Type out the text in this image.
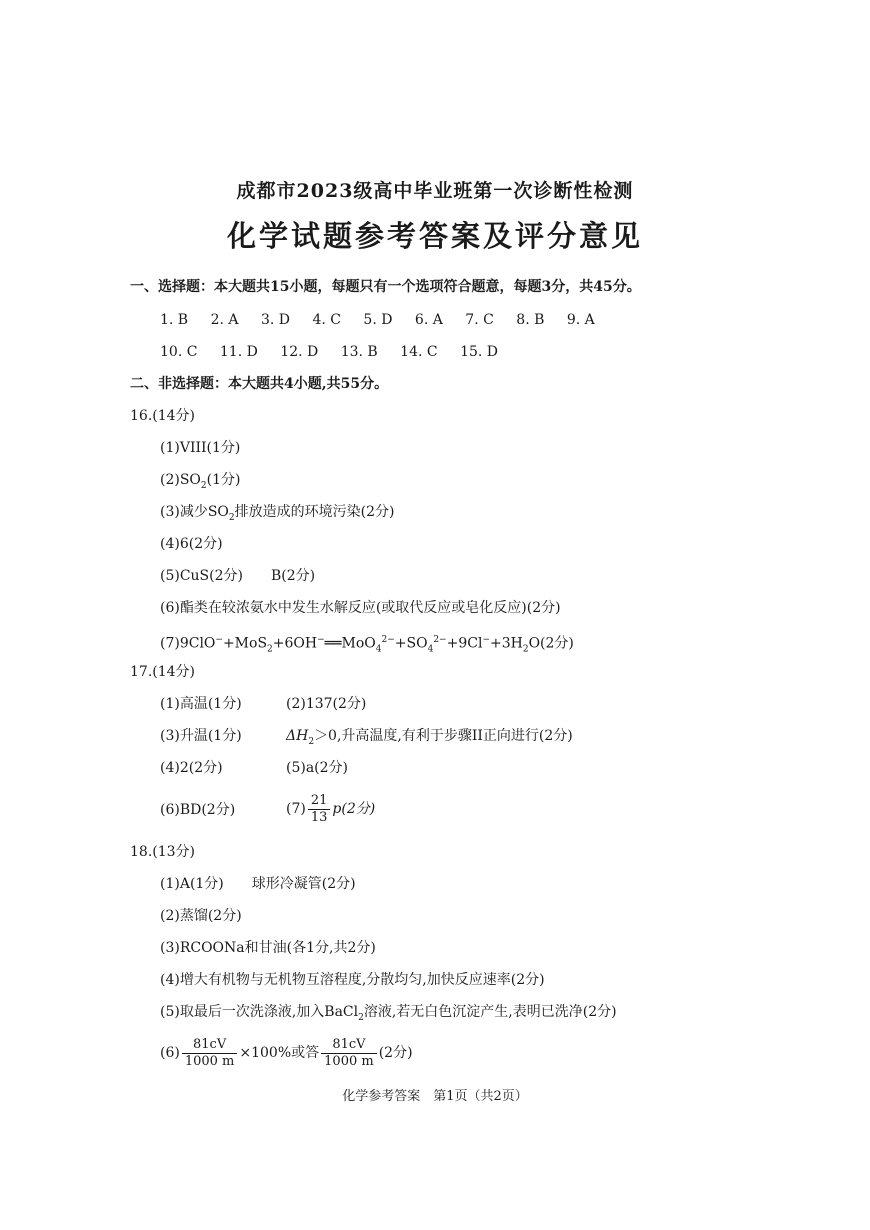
成都市2023级高中毕业班第一次诊断性检测
化学试题参考答案及评分意见
一、选择题：本大题共15小题，每题只有一个选项符合题意，每题3分，共45分。
1. B 2. A 3. D 4. C 5. D 6. A 7. C 8. B 9. A
10. C 11. D 12. D 13. B 14. C 15. D
二、非选择题：本大题共4小题,共55分。
16.(14分)
(1)VIII(1分)
$(2)SO_2(1$分)
(3)减少$SO_2$排放造成的环境污染(2分)
(4)6(2分)
(5)CuS(2分) B(2分)
(6)酯类在较浓氨水中发生水解反应(或取代反应或皂化反应)(2分)
$(7)9ClO^-+MoS_2+6OH^-══MoO_4^{2-}+SO_4^{2-}+9Cl^-+3H_2O(2$分)
17.(14分)
(1)高温(1分)	(2)137(2分)
(3)升温(1分)	$\Delta H_2>0$,升高温度,有利于步骤II正向进行(2分)
(4)2(2分)	(5)a(2分)
(6)BD(2分)	$(7) \frac{21}{13} p(2$分)
18.(13分)
(1)A(1分) 球形冷凝管(2分)
(2)蒸馏(2分)
(3)RCOONa和甘油(各1分,共2分)
(4)增大有机物与无机物互溶程度,分散均匀,加快反应速率(2分)
(5)取最后一次洗涤液,加入BaCl$_2$溶液,若无白色沉淀产生,表明已洗净(2分)
$(6) \frac{81cV}{1000 m} \times 100\%$或答 $\frac{81cV}{1000 m} (2$分)
化学参考答案　第1页（共2页）
